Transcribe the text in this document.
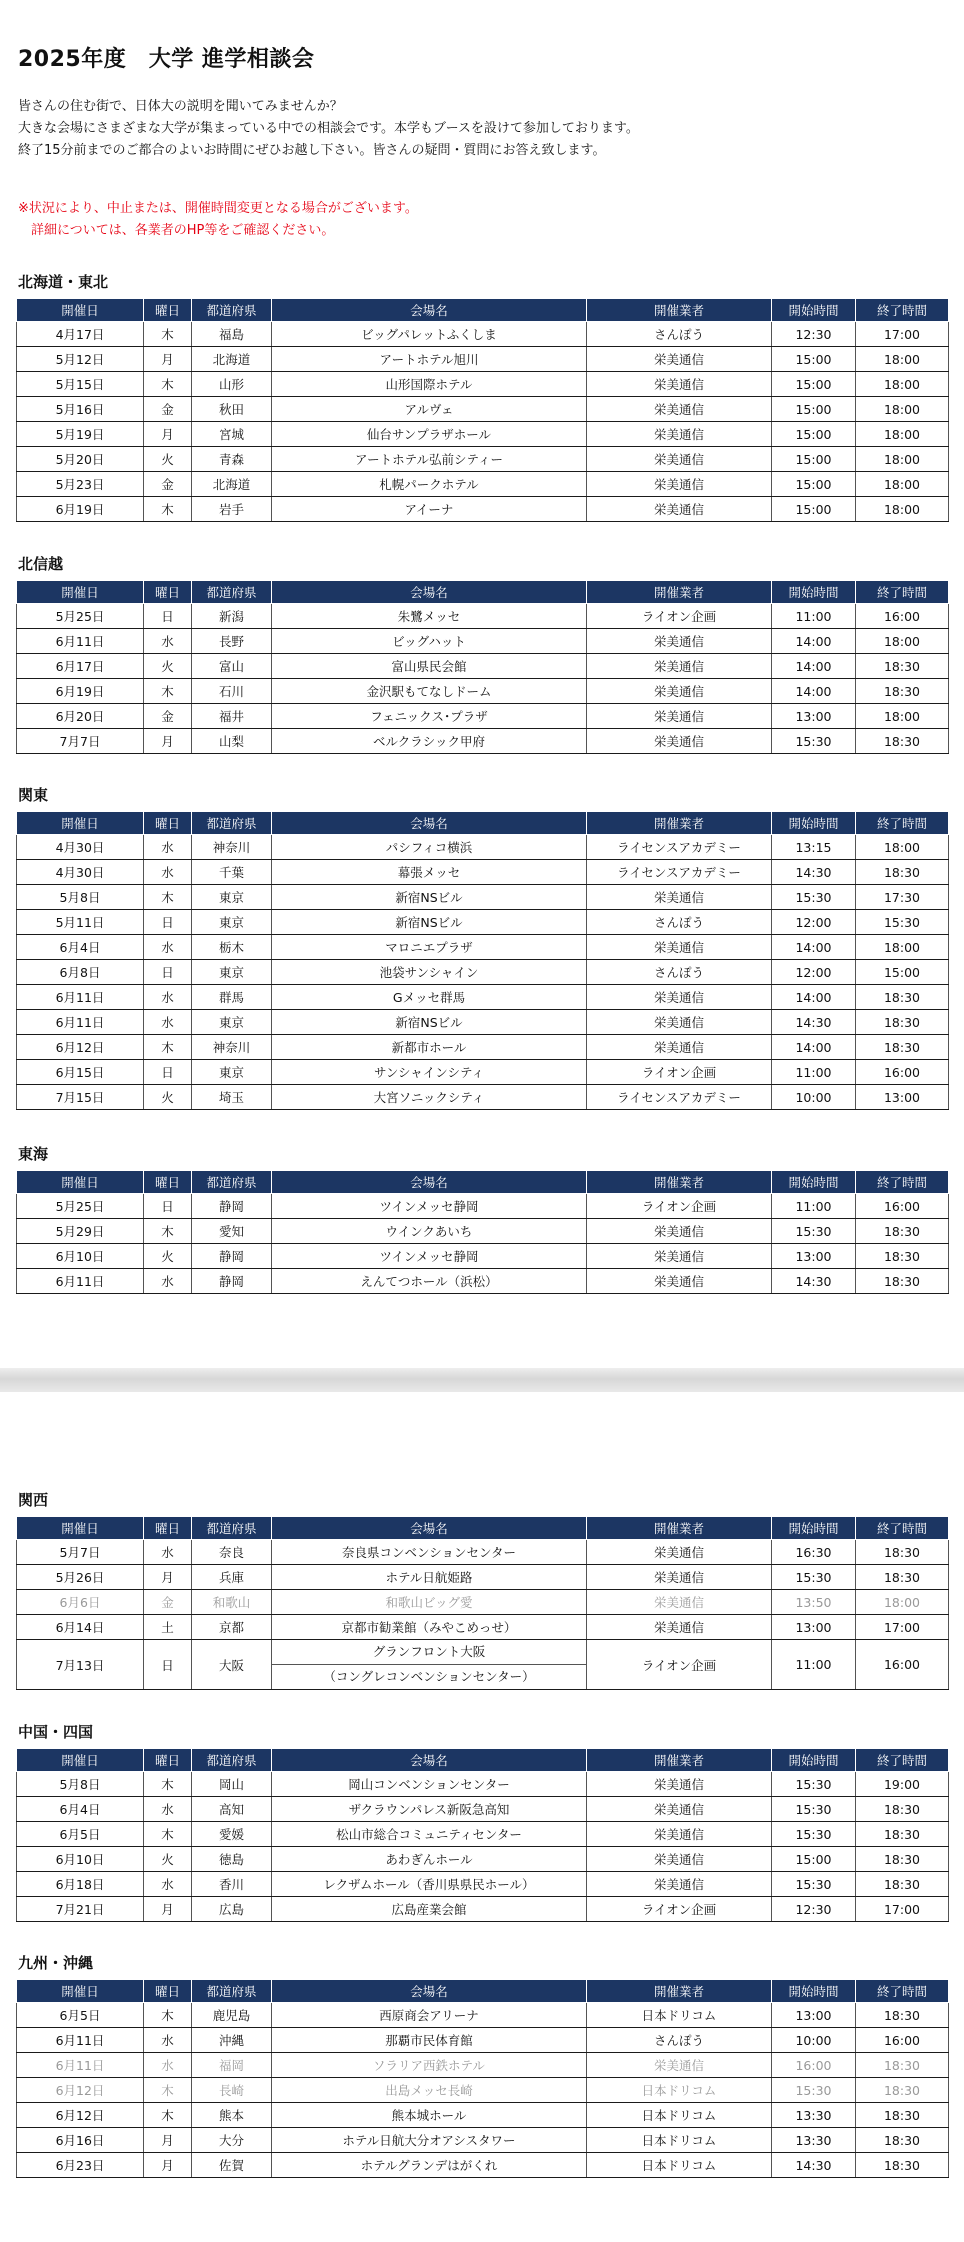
2025年度　大学 進学相談会
皆さんの住む街で、日体大の説明を聞いてみませんか？
大きな会場にさまざまな大学が集まっている中での相談会です。本学もブースを設けて参加しております。
終了15分前までのご都合のよいお時間にぜひお越し下さい。皆さんの疑問・質問にお答え致します。
※状況により、中止または、開催時間変更となる場合がございます。
　詳細については、各業者のHP等をご確認ください。
北海道・東北
開催日	曜日	都道府県	会場名	開催業者	開始時間	終了時間
4月17日	木	福島	ビッグパレットふくしま	さんぽう	12:30	17:00
5月12日	月	北海道	アートホテル旭川	栄美通信	15:00	18:00
5月15日	木	山形	山形国際ホテル	栄美通信	15:00	18:00
5月16日	金	秋田	アルヴェ	栄美通信	15:00	18:00
5月19日	月	宮城	仙台サンプラザホール	栄美通信	15:00	18:00
5月20日	火	青森	アートホテル弘前シティー	栄美通信	15:00	18:00
5月23日	金	北海道	札幌パークホテル	栄美通信	15:00	18:00
6月19日	木	岩手	アイーナ	栄美通信	15:00	18:00
北信越
開催日	曜日	都道府県	会場名	開催業者	開始時間	終了時間
5月25日	日	新潟	朱鷺メッセ	ライオン企画	11:00	16:00
6月11日	水	長野	ビッグハット	栄美通信	14:00	18:00
6月17日	火	富山	富山県民会館	栄美通信	14:00	18:30
6月19日	木	石川	金沢駅もてなしドーム	栄美通信	14:00	18:30
6月20日	金	福井	フェニックス･プラザ	栄美通信	13:00	18:00
7月7日	月	山梨	ベルクラシック甲府	栄美通信	15:30	18:30
関東
開催日	曜日	都道府県	会場名	開催業者	開始時間	終了時間
4月30日	水	神奈川	パシフィコ横浜	ライセンスアカデミー	13:15	18:00
4月30日	水	千葉	幕張メッセ	ライセンスアカデミー	14:30	18:30
5月8日	木	東京	新宿NSビル	栄美通信	15:30	17:30
5月11日	日	東京	新宿NSビル	さんぽう	12:00	15:30
6月4日	水	栃木	マロニエプラザ	栄美通信	14:00	18:00
6月8日	日	東京	池袋サンシャイン	さんぽう	12:00	15:00
6月11日	水	群馬	Gメッセ群馬	栄美通信	14:00	18:30
6月11日	水	東京	新宿NSビル	栄美通信	14:30	18:30
6月12日	木	神奈川	新都市ホール	栄美通信	14:00	18:30
6月15日	日	東京	サンシャインシティ	ライオン企画	11:00	16:00
7月15日	火	埼玉	大宮ソニックシティ	ライセンスアカデミー	10:00	13:00
東海
開催日	曜日	都道府県	会場名	開催業者	開始時間	終了時間
5月25日	日	静岡	ツインメッセ静岡	ライオン企画	11:00	16:00
5月29日	木	愛知	ウインクあいち	栄美通信	15:30	18:30
6月10日	火	静岡	ツインメッセ静岡	栄美通信	13:00	18:30
6月11日	水	静岡	えんてつホール（浜松）	栄美通信	14:30	18:30
関西
開催日	曜日	都道府県	会場名	開催業者	開始時間	終了時間
5月7日	水	奈良	奈良県コンベンションセンター	栄美通信	16:30	18:30
5月26日	月	兵庫	ホテル日航姫路	栄美通信	15:30	18:30
6月6日	金	和歌山	和歌山ビッグ愛	栄美通信	13:50	18:00
6月14日	土	京都	京都市勧業館（みやこめっせ）	栄美通信	13:00	17:00
7月13日	日	大阪	グランフロント大阪
（コングレコンベンションセンター）	ライオン企画	11:00	16:00
中国・四国
開催日	曜日	都道府県	会場名	開催業者	開始時間	終了時間
5月8日	木	岡山	岡山コンベンションセンター	栄美通信	15:30	19:00
6月4日	水	高知	ザクラウンパレス新阪急高知	栄美通信	15:30	18:30
6月5日	木	愛媛	松山市総合コミュニティセンター	栄美通信	15:30	18:30
6月10日	火	徳島	あわぎんホール	栄美通信	15:00	18:30
6月18日	水	香川	レクザムホール（香川県県民ホール）	栄美通信	15:30	18:30
7月21日	月	広島	広島産業会館	ライオン企画	12:30	17:00
九州・沖縄
開催日	曜日	都道府県	会場名	開催業者	開始時間	終了時間
6月5日	木	鹿児島	西原商会アリーナ	日本ドリコム	13:00	18:30
6月11日	水	沖縄	那覇市民体育館	さんぽう	10:00	16:00
6月11日	水	福岡	ソラリア西鉄ホテル	栄美通信	16:00	18:30
6月12日	木	長崎	出島メッセ長崎	日本ドリコム	15:30	18:30
6月12日	木	熊本	熊本城ホール	日本ドリコム	13:30	18:30
6月16日	月	大分	ホテル日航大分オアシスタワー	日本ドリコム	13:30	18:30
6月23日	月	佐賀	ホテルグランデはがくれ	日本ドリコム	14:30	18:30
